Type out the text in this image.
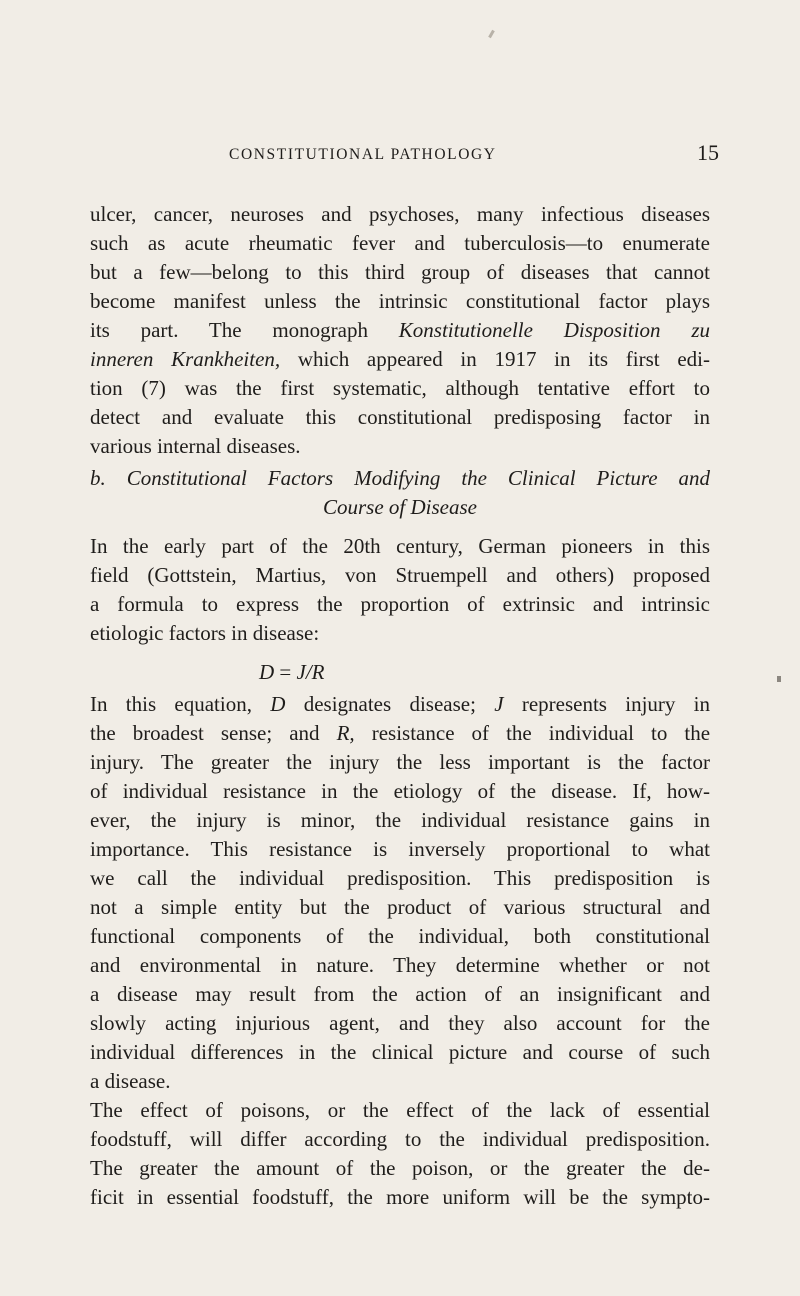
CONSTITUTIONAL PATHOLOGY	15
ulcer, cancer, neuroses and psychoses, many infectious diseases
such as acute rheumatic fever and tuberculosis—to enumerate
but a few—belong to this third group of diseases that cannot
become manifest unless the intrinsic constitutional factor plays
its part. The monograph Konstitutionelle Disposition zu
inneren Krankheiten, which appeared in 1917 in its first edi-
tion (7) was the first systematic, although tentative effort to
detect and evaluate this constitutional predisposing factor in
various internal diseases.
b. Constitutional Factors Modifying the Clinical Picture and
Course of Disease
In the early part of the 20th century, German pioneers in this
field (Gottstein, Martius, von Struempell and others) proposed
a formula to express the proportion of extrinsic and intrinsic
etiologic factors in disease:
D = J/R
In this equation, D designates disease; J represents injury in
the broadest sense; and R, resistance of the individual to the
injury. The greater the injury the less important is the factor
of individual resistance in the etiology of the disease. If, how-
ever, the injury is minor, the individual resistance gains in
importance. This resistance is inversely proportional to what
we call the individual predisposition. This predisposition is
not a simple entity but the product of various structural and
functional components of the individual, both constitutional
and environmental in nature. They determine whether or not
a disease may result from the action of an insignificant and
slowly acting injurious agent, and they also account for the
individual differences in the clinical picture and course of such
a disease.
The effect of poisons, or the effect of the lack of essential
foodstuff, will differ according to the individual predisposition.
The greater the amount of the poison, or the greater the de-
ficit in essential foodstuff, the more uniform will be the sympto-
